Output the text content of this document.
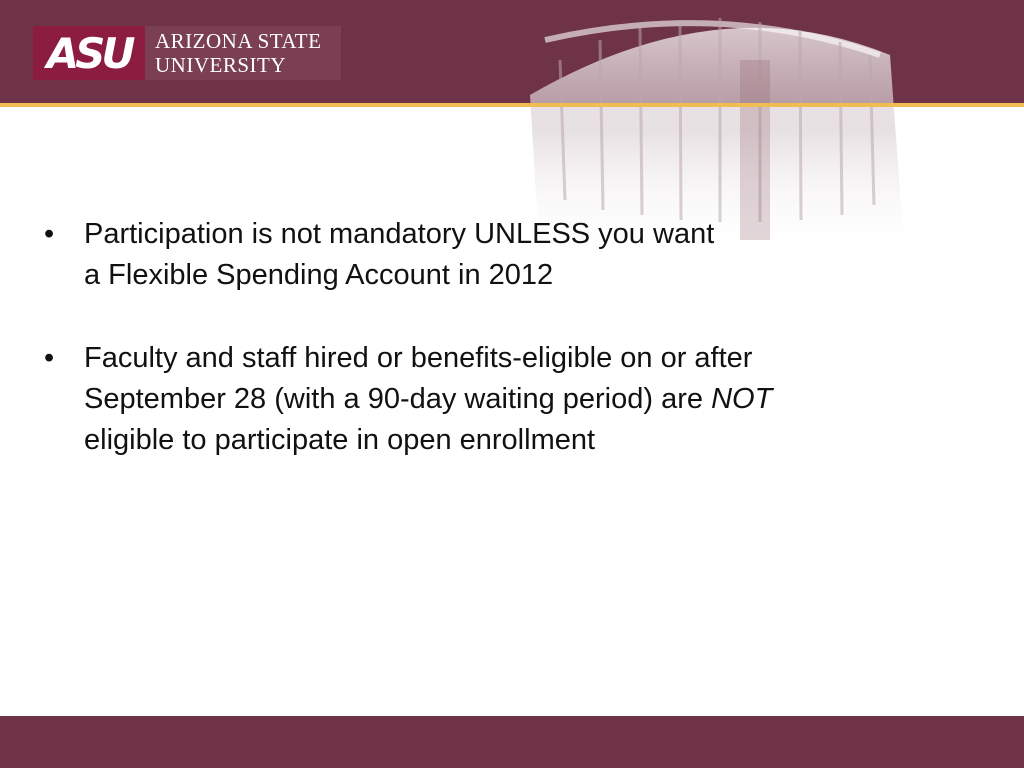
ASU ARIZONA STATE
UNIVERSITY
• Participation is not mandatory UNLESS you want
a Flexible Spending Account in 2012
• Faculty and staff hired or benefits-eligible on or after
September 28 (with a 90-day waiting period) are NOT
eligible to participate in open enrollment
